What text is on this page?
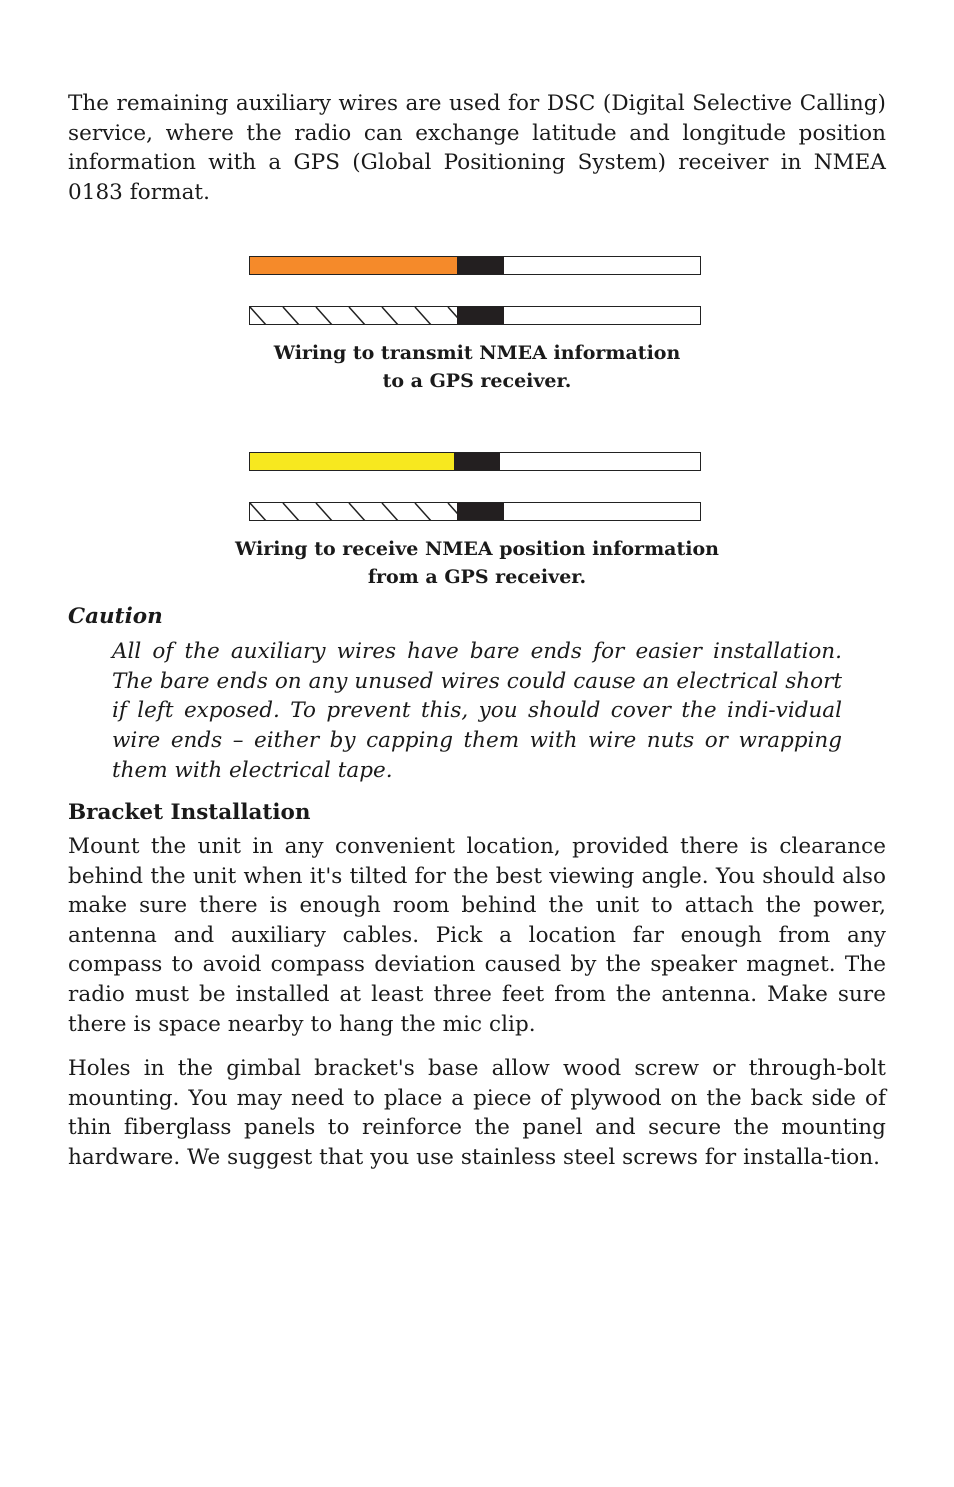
The remaining auxiliary wires are used for DSC (Digital Selective Calling) service, where the radio can exchange latitude and longitude position information with a GPS (Global Positioning System) receiver in NMEA 0183 format.

Wiring to transmit NMEA information
to a GPS receiver.

Wiring to receive NMEA position information
from a GPS receiver.

Caution

All of the auxiliary wires have bare ends for easier installation. The bare ends on any unused wires could cause an electrical short if left exposed. To prevent this, you should cover the indi-vidual wire ends – either by capping them with wire nuts or wrapping them with electrical tape.

Bracket Installation

Mount the unit in any convenient location, provided there is clearance behind the unit when it's tilted for the best viewing angle. You should also make sure there is enough room behind the unit to attach the power, antenna and auxiliary cables. Pick a location far enough from any compass to avoid compass deviation caused by the speaker magnet. The radio must be installed at least three feet from the antenna. Make sure there is space nearby to hang the mic clip.

Holes in the gimbal bracket's base allow wood screw or through-bolt mounting. You may need to place a piece of plywood on the back side of thin fiberglass panels to reinforce the panel and secure the mounting hardware. We suggest that you use stainless steel screws for installa-tion.
